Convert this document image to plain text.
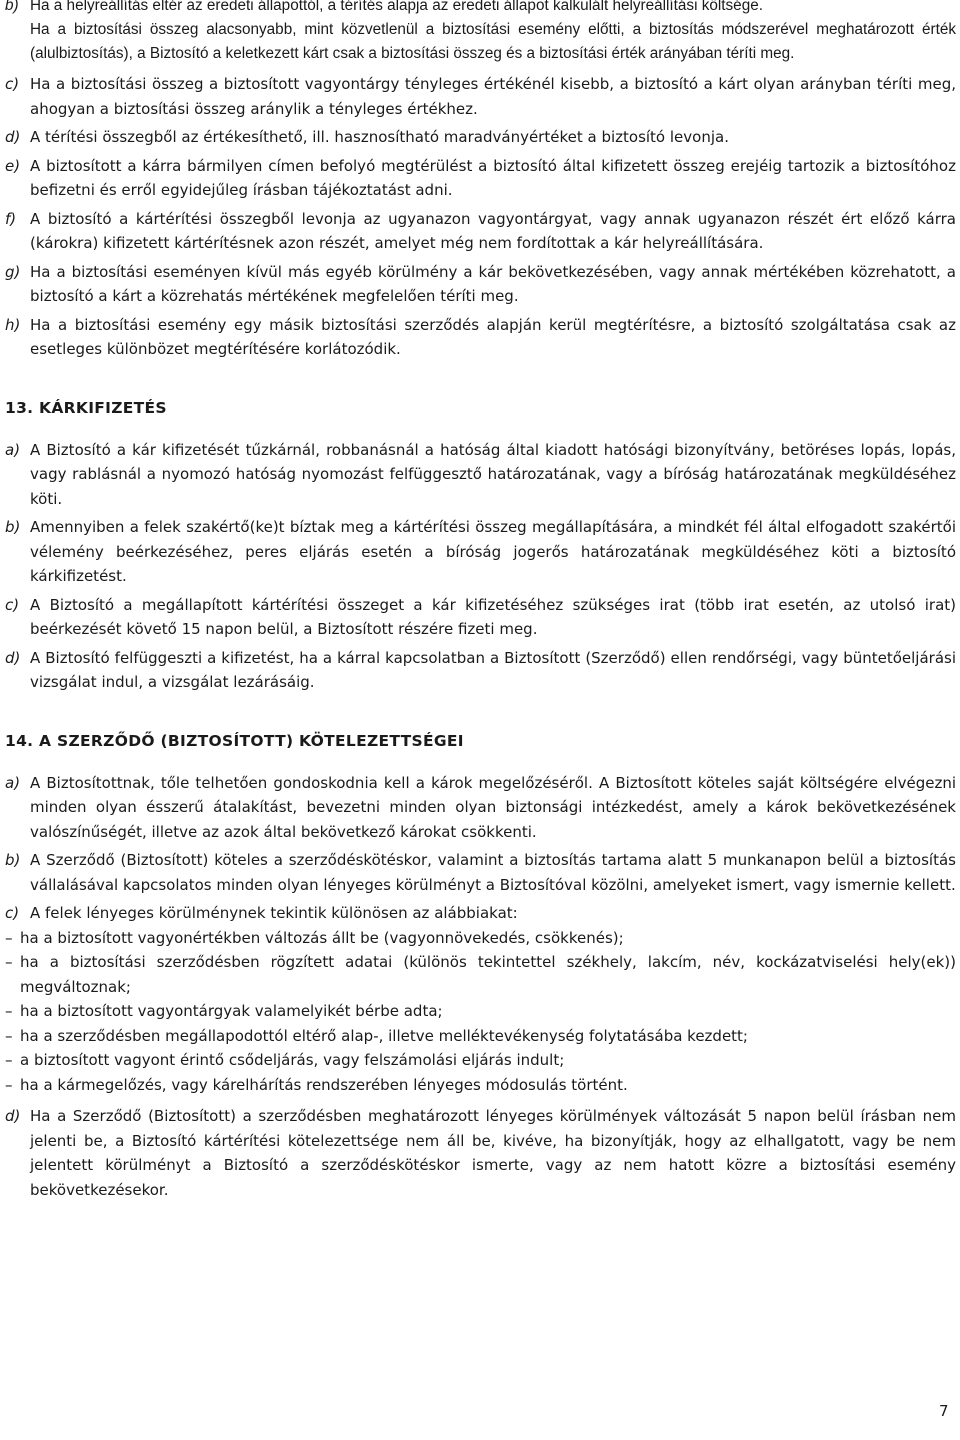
b) Ha a helyreállítás eltér az eredeti állapottól, a térítés alapja az eredeti állapot kalkulált helyreállítási költsége.
Ha a biztosítási összeg alacsonyabb, mint közvetlenül a biztosítási esemény előtti, a biztosítás módszerével meghatározott érték (alulbiztosítás), a Biztosító a keletkezett kárt csak a biztosítási összeg és a biztosítási érték arányában téríti meg.
c) Ha a biztosítási összeg a biztosított vagyontárgy tényleges értékénél kisebb, a biztosító a kárt olyan arányban téríti meg, ahogyan a biztosítási összeg aránylik a tényleges értékhez.
d) A térítési összegből az értékesíthető, ill. hasznosítható maradványértéket a biztosító levonja.
e) A biztosított a kárra bármilyen címen befolyó megtérülést a biztosító által kifizetett összeg erejéig tartozik a biztosítóhoz befizetni és erről egyidejűleg írásban tájékoztatást adni.
f) A biztosító a kártérítési összegből levonja az ugyanazon vagyontárgyat, vagy annak ugyanazon részét ért előző kárra (károkra) kifizetett kártérítésnek azon részét, amelyet még nem fordítottak a kár helyreállítására.
g) Ha a biztosítási eseményen kívül más egyéb körülmény a kár bekövetkezésében, vagy annak mértékében közrehatott, a biztosító a kárt a közrehatás mértékének megfelelően téríti meg.
h) Ha a biztosítási esemény egy másik biztosítási szerződés alapján kerül megtérítésre, a biztosító szolgáltatása csak az esetleges különbözet megtérítésére korlátozódik.
13. KÁRKIFIZETÉS
a) A Biztosító a kár kifizetését tűzkárnál, robbanásnál a hatóság által kiadott hatósági bizonyítvány, betöréses lopás, lopás, vagy rablásnál a nyomozó hatóság nyomozást felfüggesztő határozatának, vagy a bíróság határozatának megküldéséhez köti.
b) Amennyiben a felek szakértő(ke)t bíztak meg a kártérítési összeg megállapítására, a mindkét fél által elfogadott szakértői vélemény beérkezéséhez, peres eljárás esetén a bíróság jogerős határozatának megküldéséhez köti a biztosító kárkifizetést.
c) A Biztosító a megállapított kártérítési összeget a kár kifizetéséhez szükséges irat (több irat esetén, az utolsó irat) beérkezését követő 15 napon belül, a Biztosított részére fizeti meg.
d) A Biztosító felfüggeszti a kifizetést, ha a kárral kapcsolatban a Biztosított (Szerződő) ellen rendőrségi, vagy büntetőeljárási vizsgálat indul, a vizsgálat lezárásáig.
14. A SZERZŐDŐ (BIZTOSÍTOTT) KÖTELEZETTSÉGEI
a) A Biztosítottnak, tőle telhetően gondoskodnia kell a károk megelőzéséről. A Biztosított köteles saját költségére elvégezni minden olyan ésszerű átalakítást, bevezetni minden olyan biztonsági intézkedést, amely a károk bekövetkezésének valószínűségét, illetve az azok által bekövetkező károkat csökkenti.
b) A Szerződő (Biztosított) köteles a szerződéskötéskor, valamint a biztosítás tartama alatt 5 munkanapon belül a biztosítás vállalásával kapcsolatos minden olyan lényeges körülményt a Biztosítóval közölni, amelyeket ismert, vagy ismernie kellett.
c) A felek lényeges körülménynek tekintik különösen az alábbiakat:
– ha a biztosított vagyonértékben változás állt be (vagyonnövekedés, csökkenés);
– ha a biztosítási szerződésben rögzített adatai (különös tekintettel székhely, lakcím, név, kockázatviselési hely(ek)) megváltoznak;
– ha a biztosított vagyontárgyak valamelyikét bérbe adta;
– ha a szerződésben megállapodottól eltérő alap-, illetve melléktevékenység folytatásába kezdett;
– a biztosított vagyont érintő csődeljárás, vagy felszámolási eljárás indult;
– ha a kármegelőzés, vagy kárelhárítás rendszerében lényeges módosulás történt.
d) Ha a Szerződő (Biztosított) a szerződésben meghatározott lényeges körülmények változását 5 napon belül írásban nem jelenti be, a Biztosító kártérítési kötelezettsége nem áll be, kivéve, ha bizonyítják, hogy az elhallgatott, vagy be nem jelentett körülményt a Biztosító a szerződéskötéskor ismerte, vagy az nem hatott közre a biztosítási esemény bekövetkezésekor.
7
